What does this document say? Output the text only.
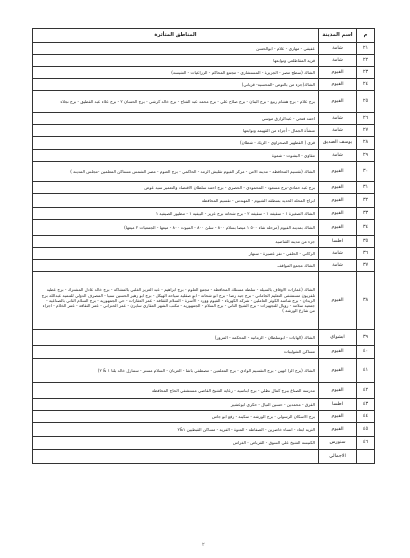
م	اسم المدينة	المناطق المتأثرة
٢١	شامة	عفيفي - مهاري - علام - ابوالحسن
٢٢	شامة	قرية المقاطلعي وتوابعها
٢٣	الفيوم	الشاك (سطح مصر - الجزيرة - المستشاري - مجمع المحاكم - الزراعيات - الشيسه)
٢٤	الفيوم	الشاك(جزء من بالتوص -المحسية- قرباني)
٢٥	الفيوم	برج علام - برج هشام ربيع - برج البنان - برج صلاح علي - برج محمد عبد الفتاح - برج خالد كرشي - برج الحسان ٢ - برج علاء عبد القطيق - برج نجلاء
٢٦	شامة	احمد فتحي - عبدالرازق موسي
٢٧	شامة	منشأة الجمال - أجزاء من القهيمة وتوابعها
٢٨	يوسف الصديق	قري ( القطهير الصحراوي - الزيك - شطان)
٢٩	شامة	مقاوي - البشوت - شموة
٣٠	الفيوم	الشاك (تقسيم المحافظة - مدينة الامن - مركز الفيوم تقليش الرمد - الحاكمي - برج العنوم - مصر الشمس مستاكن المعلمين -مجلس المدينة )
٣١	الفيوم	برج عبد حمادي-برج مسعود - المحمودي - الحصري - برج احمد سلطان الاقتصاد والتعمير سيد عوض
٣٢	الفيوم	ابراج المحلة الحديد بمنطقة الشيوم - المهندس - تقسيم المحافظة
٣٣	الفيوم	الشاك الصغيرة ١ - سقيفة ١ - سقيفة ٢ - برج شحاتة برج عزيز - البيفية ١ - تنظيور الصيفية ١
٣٤	الفيوم	الشاك بمدينة الفيوم (مرحلة شاء ٥٠٠ ١ ميضا بسلام ٨٠٠ - سلئ ٨٠٠ - الميوت ٨٠٠ - ميعها - الجمعيات ٢ ميعها)
٣٥	اطسا	جزء من مدينة القناصية
٣٦	شامة	الزكاني - الحلفي - تفر عصيرة - سنهار
٣٧	شامة	الشاك مجمع المواقف
٣٨	الفيوم	الشاك (عمارات الاوقاف بالسيلة - سلطة مستلك المحافظة - مجمع العلوم - برج ابراهيم - عبد العزيز الغلبي بالمشاكة - برج خالد عادل المشترك - برج عطيه تلفزيون مستشفى التعليم الجاماني - برج جيه رضا - برج ابو شحاته - ابو صقلية سياحة الهيكل - برج ابو زهير الحسين سنيا - المصرف الدولي للتنمية عبدالله برج الزيدان - برج شامنة الكوثر العاملين - شركه الكهرباء - الفيوم وورد - الأسرة - السلام للثقافة - عمر العقارات - حي الجمهورية - برج السلام الثاني بالصناعية - جمعية سلامه - رويال للتجهيزات - برج الشيخ الثاني - برج السلام - الجمهورية - مكتب الشهر العقاري سايرن - عمر الحنزاني - عمر الثقافة - عمر الخلام - اجزاء من شارع الورشة )
٣٩	ابشواي	الشاك (الهابات - ابوسلطان - الزمانية - المحكمة - المرور)
٤٠	الفيوم	مساكن الشوليبات
٤١	الفيوم	الشاك (برج الزا انهين - برج التقسيم الوادي - برج المعلمين - مصطفي باشا - العربان - السلام مستر - ستنارل خالد بلثا ١ & ٢)
٤٢	الفيوم	مدرسة الصناع ببرج كمال نظلي - برج ابناسية - رعاية الشيخ القاضي مستشفي الحاج المحافظة
٤٣	اطسا	القرق - محمدين - حسين النيال - حكري ابوعشير
٤٤	الفيوم	برج الاسكان الرسولي - برج الورشة - سكينة - رفع ابو جاس
٤٥	الفيوم	الثرية ابعاد - انساء خاضرين - الصفاطة - المتوة - الفرية - مساكن القبطيين ١&٢
٤٦	سنورس	الكنيسة الشيخ علي السوق - القرباص - الغراس
	الاجمالي	
٢
